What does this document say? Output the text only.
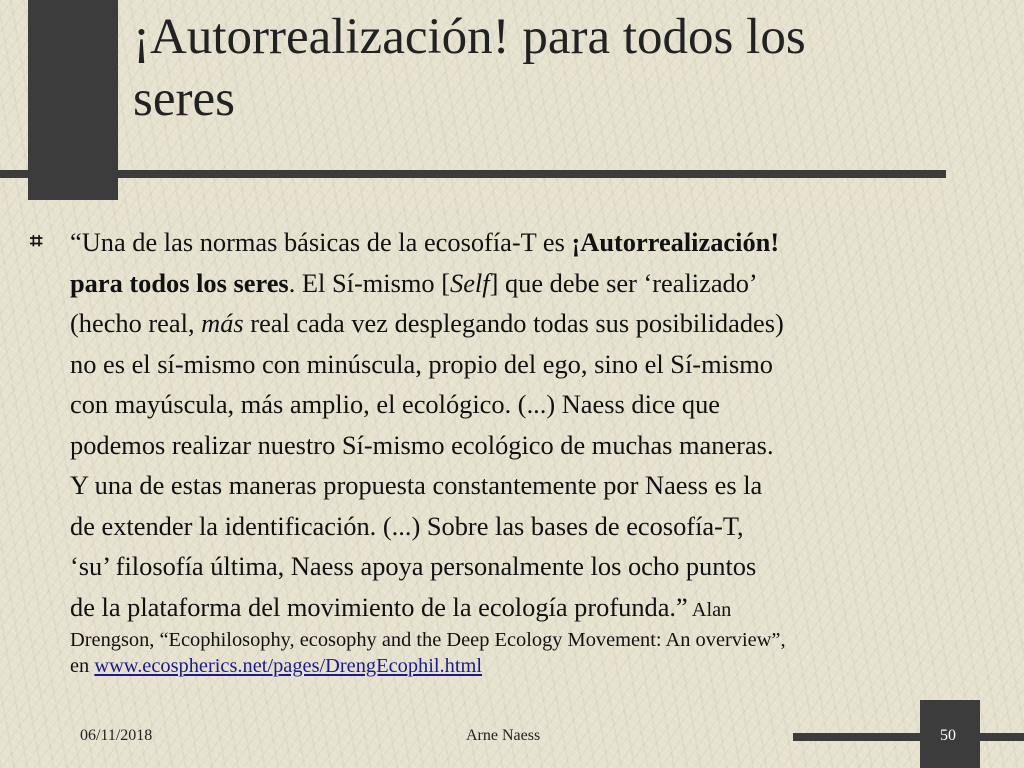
¡Autorrealización! para todos los
seres
⌗ “Una de las normas básicas de la ecosofía-T es ¡Autorrealización!
para todos los seres. El Sí-mismo [Self] que debe ser ‘realizado’
(hecho real, más real cada vez desplegando todas sus posibilidades)
no es el sí-mismo con minúscula, propio del ego, sino el Sí-mismo
con mayúscula, más amplio, el ecológico. (...) Naess dice que
podemos realizar nuestro Sí-mismo ecológico de muchas maneras.
Y una de estas maneras propuesta constantemente por Naess es la
de extender la identificación. (...) Sobre las bases de ecosofía-T,
‘su’ filosofía última, Naess apoya personalmente los ocho puntos
de la plataforma del movimiento de la ecología profunda.” Alan
Drengson, “Ecophilosophy, ecosophy and the Deep Ecology Movement: An overview”,
en www.ecospherics.net/pages/DrengEcophil.html
06/11/2018	Arne Naess	50
